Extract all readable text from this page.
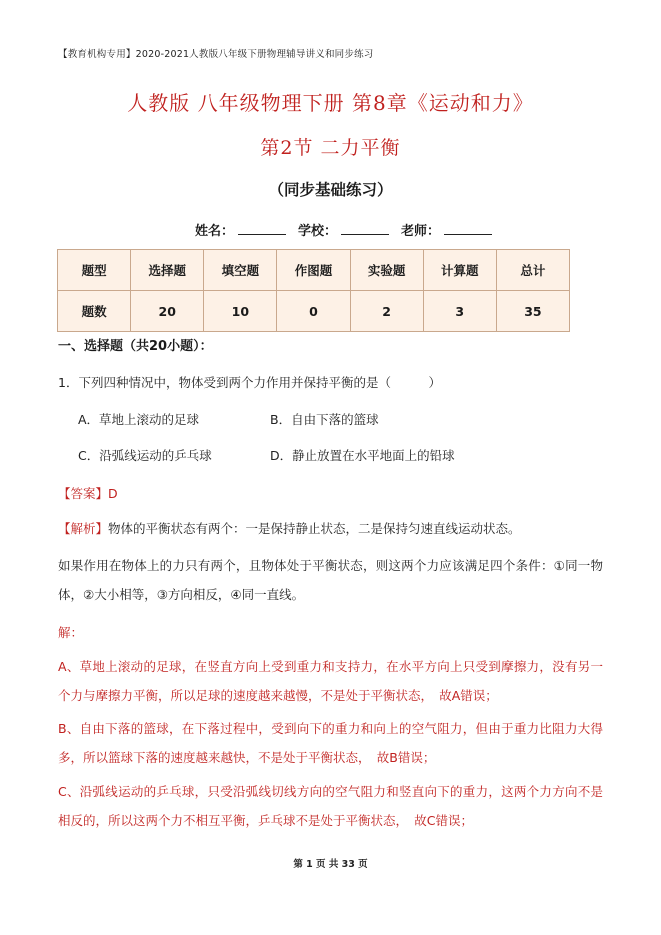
【教育机构专用】2020-2021人教版八年级下册物理辅导讲义和同步练习
人教版 八年级物理下册 第8章《运动和力》
第2节 二力平衡
（同步基础练习）
姓名：	学校：	老师：
题型	选择题	填空题	作图题	实验题	计算题	总计
题数	20	10	0	2	3	35
一、选择题（共20小题）：
1．下列四种情况中，物体受到两个力作用并保持平衡的是（　　　）
A．草地上滚动的足球	B．自由下落的篮球
C．沿弧线运动的乒乓球	D．静止放置在水平地面上的铅球
【答案】D
【解析】物体的平衡状态有两个：一是保持静止状态，二是保持匀速直线运动状态。
如果作用在物体上的力只有两个，且物体处于平衡状态，则这两个力应该满足四个条件：①同一物体，②大小相等，③方向相反，④同一直线。
解：
A、草地上滚动的足球，在竖直方向上受到重力和支持力，在水平方向上只受到摩擦力，没有另一个力与摩擦力平衡，所以足球的速度越来越慢，不是处于平衡状态，　故A错误；
B、自由下落的篮球，在下落过程中，受到向下的重力和向上的空气阻力，但由于重力比阻力大得多，所以篮球下落的速度越来越快，不是处于平衡状态，　故B错误；
C、沿弧线运动的乒乓球，只受沿弧线切线方向的空气阻力和竖直向下的重力，这两个力方向不是相反的，所以这两个力不相互平衡，乒乓球不是处于平衡状态，　故C错误；
第 1 页 共 33 页
